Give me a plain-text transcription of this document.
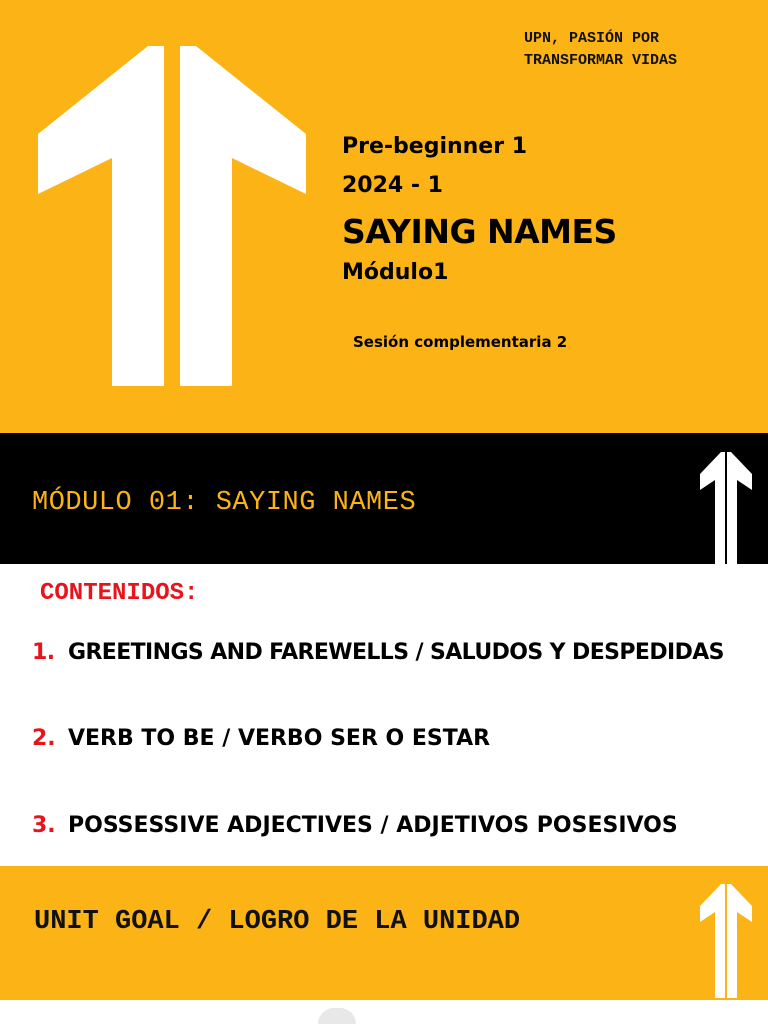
UPN, PASIÓN POR
TRANSFORMAR VIDAS
Pre-beginner 1
2024 - 1
SAYING NAMES
Módulo1
Sesión complementaria 2
MÓDULO 01: SAYING NAMES
CONTENIDOS:
1. GREETINGS AND FAREWELLS / SALUDOS Y DESPEDIDAS
2. VERB TO BE / VERBO SER O ESTAR
3. POSSESSIVE ADJECTIVES / ADJETIVOS POSESIVOS
UNIT GOAL / LOGRO DE LA UNIDAD
